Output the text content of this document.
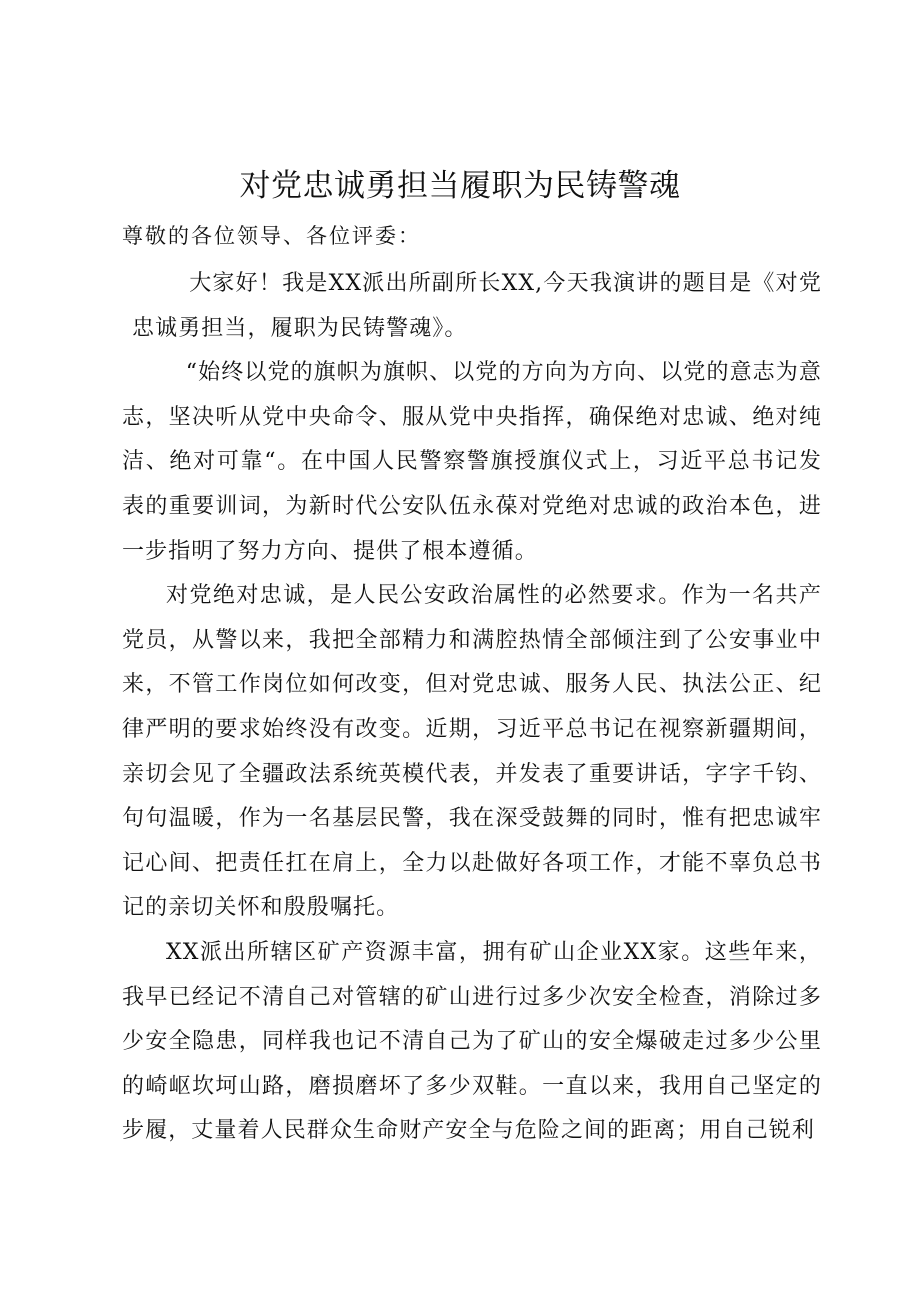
对党忠诚勇担当履职为民铸警魂

尊敬的各位领导、各位评委：

大家好！我是XX派出所副所长XX,今天我演讲的题目是《对党忠诚勇担当，履职为民铸警魂》。

“始终以党的旗帜为旗帜、以党的方向为方向、以党的意志为意志，坚决听从党中央命令、服从党中央指挥，确保绝对忠诚、绝对纯洁、绝对可靠“。在中国人民警察警旗授旗仪式上，习近平总书记发表的重要训词，为新时代公安队伍永葆对党绝对忠诚的政治本色，进一步指明了努力方向、提供了根本遵循。

对党绝对忠诚，是人民公安政治属性的必然要求。作为一名共产党员，从警以来，我把全部精力和满腔热情全部倾注到了公安事业中来，不管工作岗位如何改变，但对党忠诚、服务人民、执法公正、纪律严明的要求始终没有改变。近期，习近平总书记在视察新疆期间，亲切会见了全疆政法系统英模代表，并发表了重要讲话，字字千钧、句句温暖，作为一名基层民警，我在深受鼓舞的同时，惟有把忠诚牢记心间、把责任扛在肩上，全力以赴做好各项工作，才能不辜负总书记的亲切关怀和殷殷嘱托。

XX派出所辖区矿产资源丰富，拥有矿山企业XX家。这些年来，我早已经记不清自己对管辖的矿山进行过多少次安全检查，消除过多少安全隐患，同样我也记不清自己为了矿山的安全爆破走过多少公里的崎岖坎坷山路，磨损磨坏了多少双鞋。一直以来，我用自己坚定的步履，丈量着人民群众生命财产安全与危险之间的距离；用自己锐利
